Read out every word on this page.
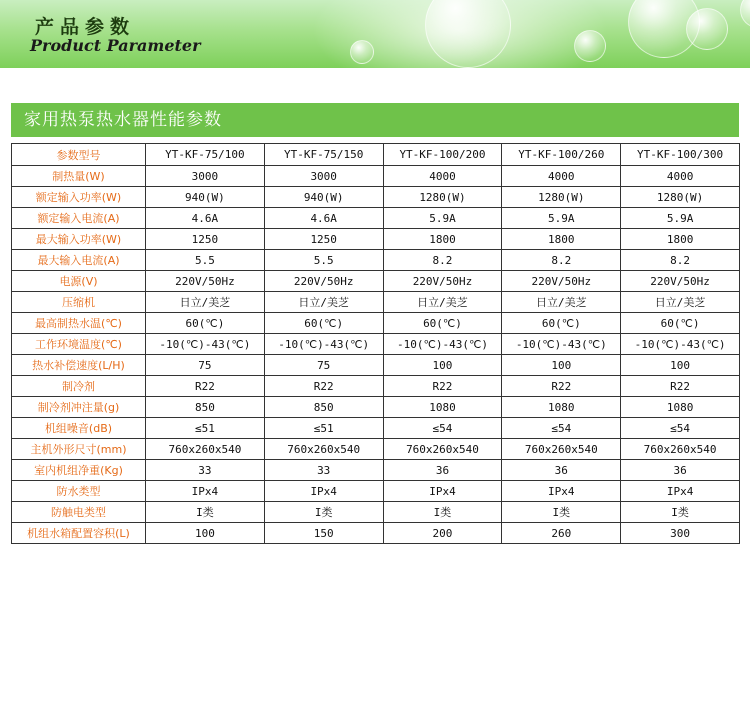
产品参数
Product Parameter
家用热泵热水器性能参数
参数型号	YT-KF-75/100	YT-KF-75/150	YT-KF-100/200	YT-KF-100/260	YT-KF-100/300
制热量(W)	3000	3000	4000	4000	4000
额定输入功率(W)	940(W)	940(W)	1280(W)	1280(W)	1280(W)
额定输入电流(A)	4.6A	4.6A	5.9A	5.9A	5.9A
最大输入功率(W)	1250	1250	1800	1800	1800
最大输入电流(A)	5.5	5.5	8.2	8.2	8.2
电源(V)	220V/50Hz	220V/50Hz	220V/50Hz	220V/50Hz	220V/50Hz
压缩机	日立/美芝	日立/美芝	日立/美芝	日立/美芝	日立/美芝
最高制热水温(℃)	60(℃)	60(℃)	60(℃)	60(℃)	60(℃)
工作环境温度(℃)	-10(℃)-43(℃)	-10(℃)-43(℃)	-10(℃)-43(℃)	-10(℃)-43(℃)	-10(℃)-43(℃)
热水补偿速度(L/H)	75	75	100	100	100
制冷剂	R22	R22	R22	R22	R22
制冷剂冲注量(g)	850	850	1080	1080	1080
机组噪音(dB)	≤51	≤51	≤54	≤54	≤54
主机外形尺寸(mm)	760x260x540	760x260x540	760x260x540	760x260x540	760x260x540
室内机组净重(Kg)	33	33	36	36	36
防水类型	IPx4	IPx4	IPx4	IPx4	IPx4
防触电类型	I类	I类	I类	I类	I类
机组水箱配置容积(L)	100	150	200	260	300
